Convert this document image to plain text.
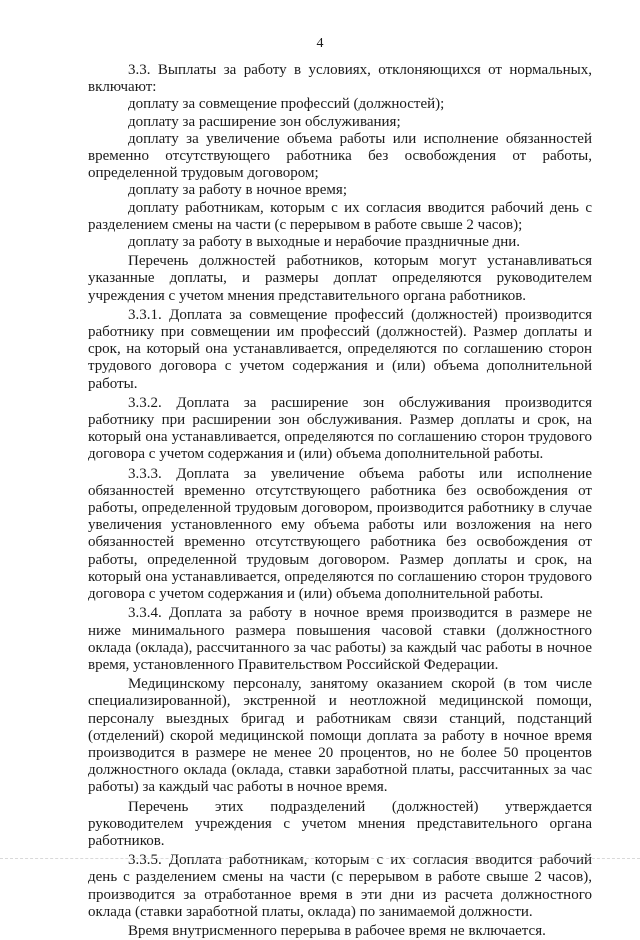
4

3.3. Выплаты за работу в условиях, отклоняющихся от нормальных, включают:

доплату за совмещение профессий (должностей);

доплату за расширение зон обслуживания;

доплату за увеличение объема работы или исполнение обязанностей временно отсутствующего работника без освобождения от работы, определенной трудовым договором;

доплату за работу в ночное время;

доплату работникам, которым с их согласия вводится рабочий день с разделением смены на части (с перерывом в работе свыше 2 часов);

доплату за работу в выходные и нерабочие праздничные дни.

Перечень должностей работников, которым могут устанавливаться указанные доплаты, и размеры доплат определяются руководителем учреждения с учетом мнения представительного органа работников.

3.3.1. Доплата за совмещение профессий (должностей) производится работнику при совмещении им профессий (должностей). Размер доплаты и срок, на который она устанавливается, определяются по соглашению сторон трудового договора с учетом содержания и (или) объема дополнительной работы.

3.3.2. Доплата за расширение зон обслуживания производится работнику при расширении зон обслуживания. Размер доплаты и срок, на который она устанавливается, определяются по соглашению сторон трудового договора с учетом содержания и (или) объема дополнительной работы.

3.3.3. Доплата за увеличение объема работы или исполнение обязанностей временно отсутствующего работника без освобождения от работы, определенной трудовым договором, производится работнику в случае увеличения установленного ему объема работы или возложения на него обязанностей временно отсутствующего работника без освобождения от работы, определенной трудовым договором. Размер доплаты и срок, на который она устанавливается, определяются по соглашению сторон трудового договора с учетом содержания и (или) объема дополнительной работы.

3.3.4. Доплата за работу в ночное время производится в размере не ниже минимального размера повышения часовой ставки (должностного оклада (оклада), рассчитанного за час работы) за каждый час работы в ночное время, установленного Правительством Российской Федерации.

Медицинскому персоналу, занятому оказанием скорой (в том числе специализированной), экстренной и неотложной медицинской помощи, персоналу выездных бригад и работникам связи станций, подстанций (отделений) скорой медицинской помощи доплата за работу в ночное время производится в размере не менее 20 процентов, но не более 50 процентов должностного оклада (оклада, ставки заработной платы, рассчитанных за час работы) за каждый час работы в ночное время.

Перечень этих подразделений (должностей) утверждается руководителем учреждения с учетом мнения представительного органа работников.

3.3.5. Доплата работникам, которым с их согласия вводится рабочий день с разделением смены на части (с перерывом в работе свыше 2 часов), производится за отработанное время в эти дни из расчета должностного оклада (ставки заработной платы, оклада) по занимаемой должности.

Время внутрисменного перерыва в рабочее время не включается.
